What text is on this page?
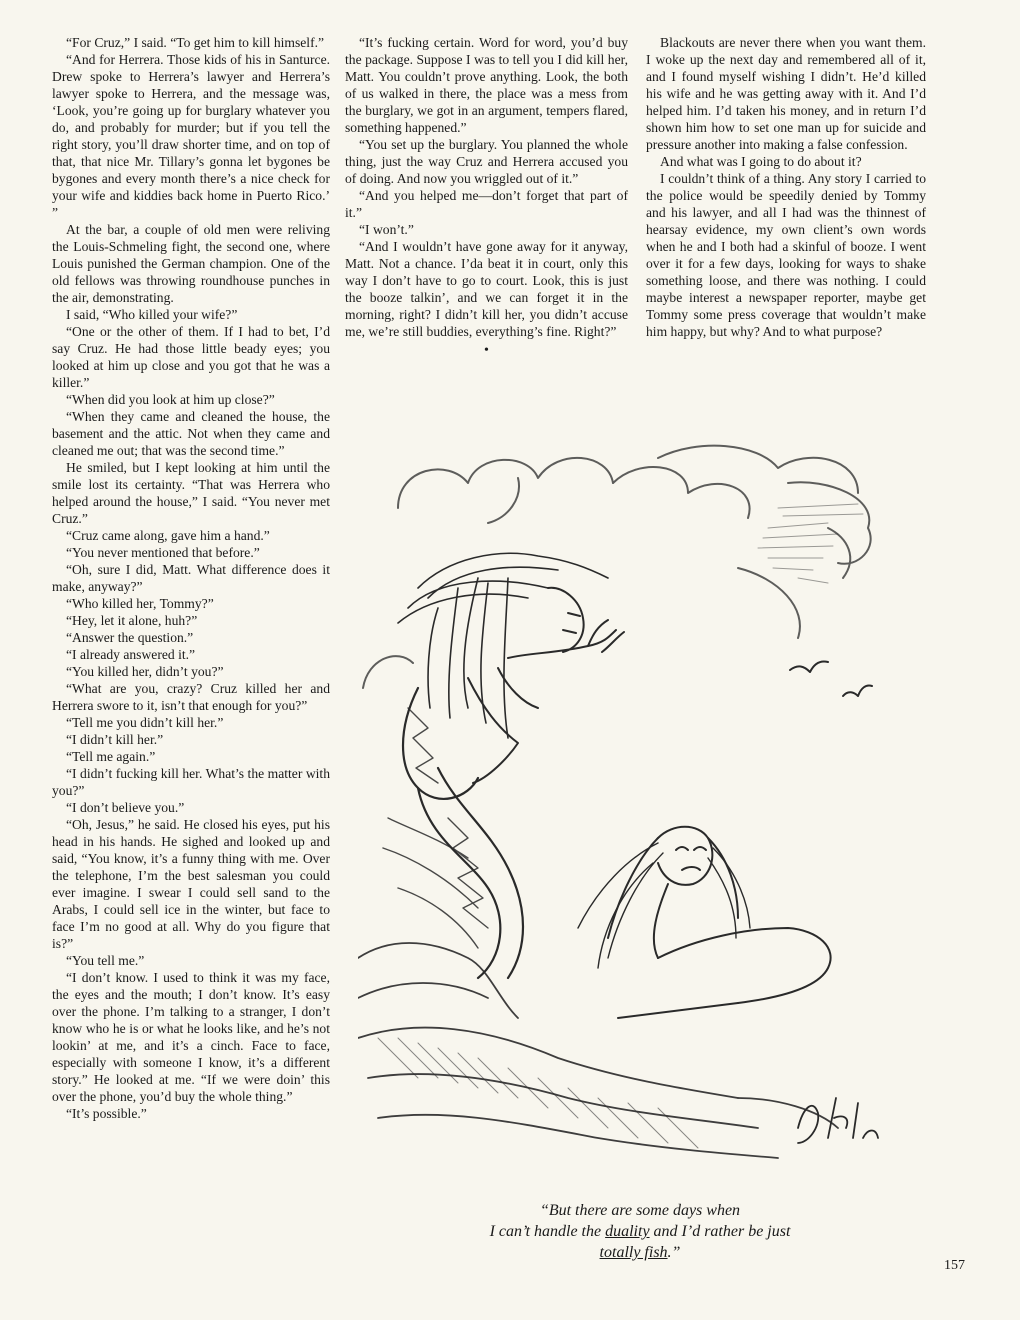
“For Cruz,” I said. “To get him to kill himself.”

“And for Herrera. Those kids of his in Santurce. Drew spoke to Herrera’s lawyer and Herrera’s lawyer spoke to Herrera, and the message was, ‘Look, you’re going up for burglary whatever you do, and probably for murder; but if you tell the right story, you’ll draw shorter time, and on top of that, that nice Mr. Tillary’s gonna let bygones be bygones and every month there’s a nice check for your wife and kiddies back home in Puerto Rico.’ ”

At the bar, a couple of old men were reliving the Louis-Schmeling fight, the second one, where Louis punished the German champion. One of the old fellows was throwing roundhouse punches in the air, demonstrating.

I said, “Who killed your wife?”

“One or the other of them. If I had to bet, I’d say Cruz. He had those little beady eyes; you looked at him up close and you got that he was a killer.”

“When did you look at him up close?”

“When they came and cleaned the house, the basement and the attic. Not when they came and cleaned me out; that was the second time.”

He smiled, but I kept looking at him until the smile lost its certainty. “That was Herrera who helped around the house,” I said. “You never met Cruz.”

“Cruz came along, gave him a hand.”

“You never mentioned that before.”

“Oh, sure I did, Matt. What difference does it make, anyway?”

“Who killed her, Tommy?”

“Hey, let it alone, huh?”

“Answer the question.”

“I already answered it.”

“You killed her, didn’t you?”

“What are you, crazy? Cruz killed her and Herrera swore to it, isn’t that enough for you?”

“Tell me you didn’t kill her.”

“I didn’t kill her.”

“Tell me again.”

“I didn’t fucking kill her. What’s the matter with you?”

“I don’t believe you.”

“Oh, Jesus,” he said. He closed his eyes, put his head in his hands. He sighed and looked up and said, “You know, it’s a funny thing with me. Over the telephone, I’m the best salesman you could ever imagine. I swear I could sell sand to the Arabs, I could sell ice in the winter, but face to face I’m no good at all. Why do you figure that is?”

“You tell me.”

“I don’t know. I used to think it was my face, the eyes and the mouth; I don’t know. It’s easy over the phone. I’m talking to a stranger, I don’t know who he is or what he looks like, and he’s not lookin’ at me, and it’s a cinch. Face to face, especially with someone I know, it’s a different story.” He looked at me. “If we were doin’ this over the phone, you’d buy the whole thing.”

“It’s possible.”

“It’s fucking certain. Word for word, you’d buy the package. Suppose I was to tell you I did kill her, Matt. You couldn’t prove anything. Look, the both of us walked in there, the place was a mess from the burglary, we got in an argument, tempers flared, something happened.”

“You set up the burglary. You planned the whole thing, just the way Cruz and Herrera accused you of doing. And now you wriggled out of it.”

“And you helped me—don’t forget that part of it.”

“I won’t.”

“And I wouldn’t have gone away for it anyway, Matt. Not a chance. I’da beat it in court, only this way I don’t have to go to court. Look, this is just the booze talkin’, and we can forget it in the morning, right? I didn’t kill her, you didn’t accuse me, we’re still buddies, everything’s fine. Right?”

•

Blackouts are never there when you want them. I woke up the next day and remembered all of it, and I found myself wishing I didn’t. He’d killed his wife and he was getting away with it. And I’d helped him. I’d taken his money, and in return I’d shown him how to set one man up for suicide and pressure another into making a false confession.

And what was I going to do about it?

I couldn’t think of a thing. Any story I carried to the police would be speedily denied by Tommy and his lawyer, and all I had was the thinnest of hearsay evidence, my own client’s own words when he and I both had a skinful of booze. I went over it for a few days, looking for ways to shake something loose, and there was nothing. I could maybe interest a newspaper reporter, maybe get Tommy some press coverage that wouldn’t make him happy, but why? And to what purpose?

“But there are some days when
I can’t handle the duality and I’d rather be just
totally fish.”
157
